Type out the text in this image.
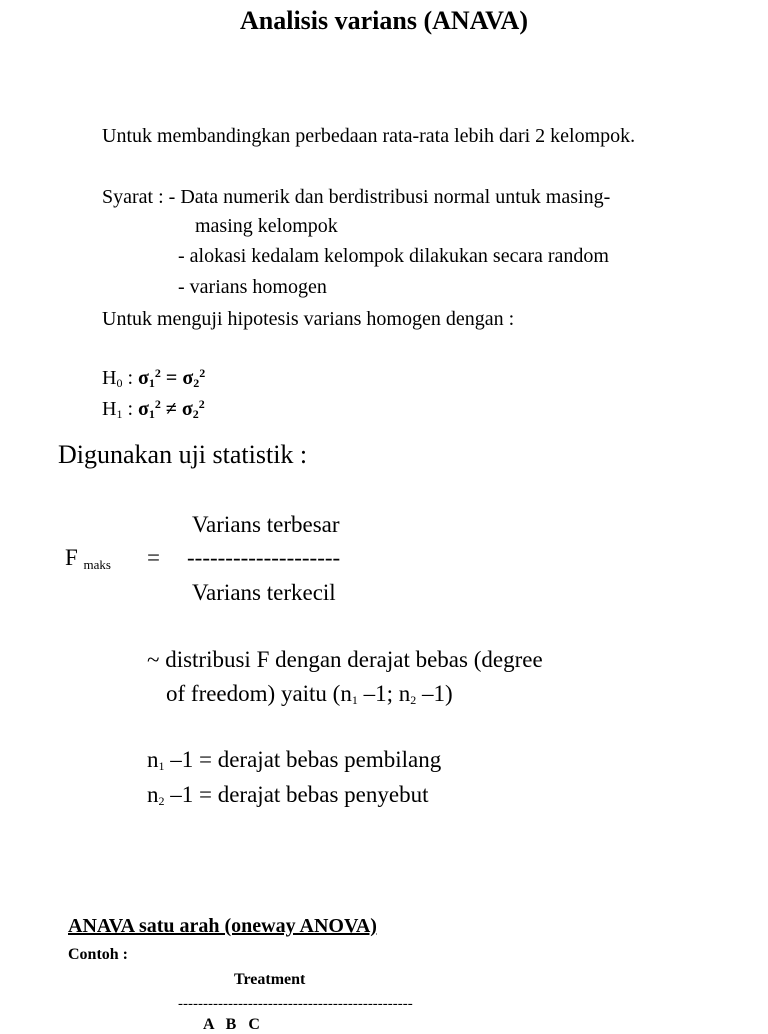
Analisis varians (ANAVA)

Untuk membandingkan perbedaan rata-rata lebih dari 2 kelompok.

Syarat : - Data numerik dan berdistribusi normal untuk masing-

masing kelompok

- alokasi kedalam kelompok dilakukan secara random

- varians homogen

Untuk menguji hipotesis varians homogen dengan :

$H_0$ : $\sigma_1^2 = \sigma_2^2$

$H_1$ : $\sigma_1^2 \ne \sigma_2^2$

Digunakan uji statistik :

Varians terbesar

F maks = --------------------

Varians terkecil

~ distribusi F dengan derajat bebas (degree

of freedom) yaitu ($n_1$ –1; $n_2$ –1)

$n_1$ –1 = derajat bebas pembilang

$n_2$ –1 = derajat bebas penyebut

ANAVA satu arah (oneway ANOVA)

Contoh :

Treatment

-----------------------------------------------

A B C
